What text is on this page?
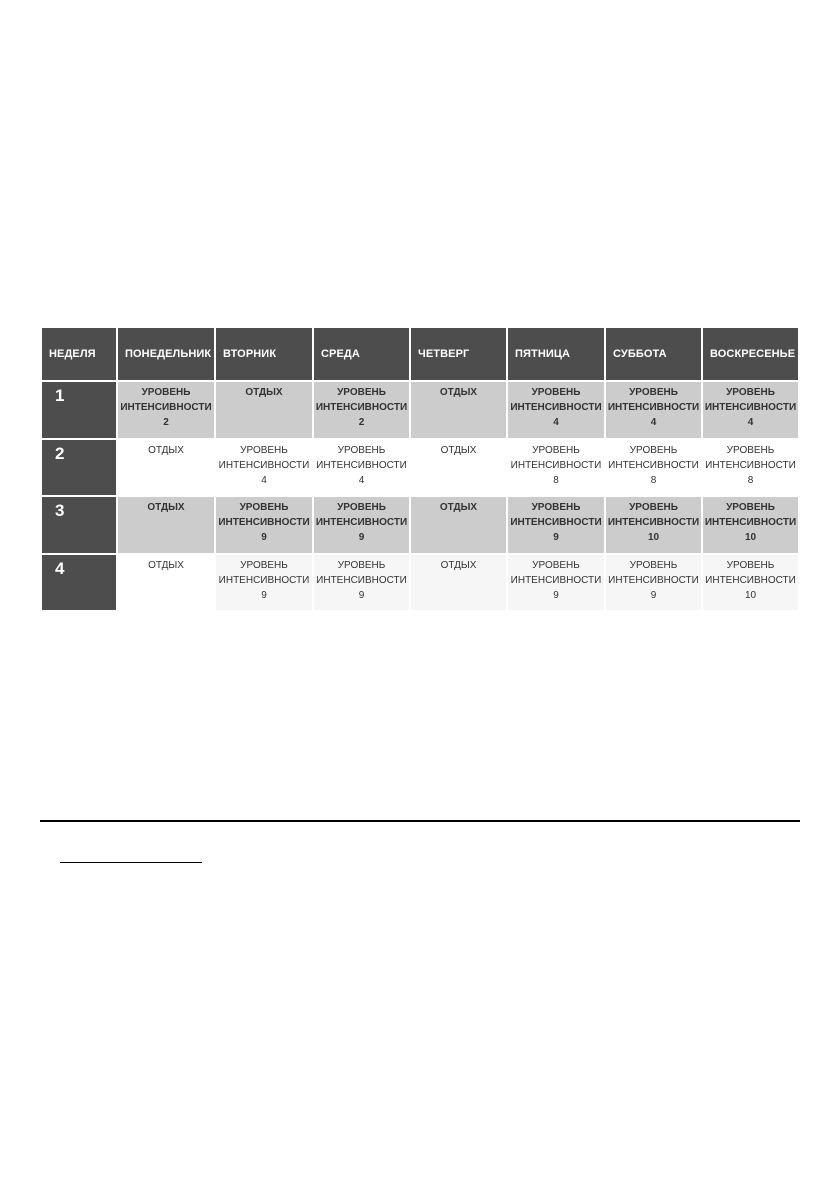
НЕДЕЛЯ	ПОНЕДЕЛЬНИК	ВТОРНИК	СРЕДА	ЧЕТВЕРГ	ПЯТНИЦА	СУББОТА	ВОСКРЕСЕНЬЕ
1	УРОВЕНЬ
ИНТЕНСИВНОСТИ
2	ОТДЫХ	УРОВЕНЬ
ИНТЕНСИВНОСТИ
2	ОТДЫХ	УРОВЕНЬ
ИНТЕНСИВНОСТИ
4	УРОВЕНЬ
ИНТЕНСИВНОСТИ
4	УРОВЕНЬ
ИНТЕНСИВНОСТИ
4

2	ОТДЫХ	УРОВЕНЬ
ИНТЕНСИВНОСТИ
4	УРОВЕНЬ
ИНТЕНСИВНОСТИ
4	ОТДЫХ	УРОВЕНЬ
ИНТЕНСИВНОСТИ
8	УРОВЕНЬ
ИНТЕНСИВНОСТИ
8	УРОВЕНЬ
ИНТЕНСИВНОСТИ
8

3	ОТДЫХ	УРОВЕНЬ
ИНТЕНСИВНОСТИ
9	УРОВЕНЬ
ИНТЕНСИВНОСТИ
9	ОТДЫХ	УРОВЕНЬ
ИНТЕНСИВНОСТИ
9	УРОВЕНЬ
ИНТЕНСИВНОСТИ
10	УРОВЕНЬ
ИНТЕНСИВНОСТИ
10

4	ОТДЫХ	УРОВЕНЬ
ИНТЕНСИВНОСТИ
9	УРОВЕНЬ
ИНТЕНСИВНОСТИ
9	ОТДЫХ	УРОВЕНЬ
ИНТЕНСИВНОСТИ
9	УРОВЕНЬ
ИНТЕНСИВНОСТИ
9	УРОВЕНЬ
ИНТЕНСИВНОСТИ
10
